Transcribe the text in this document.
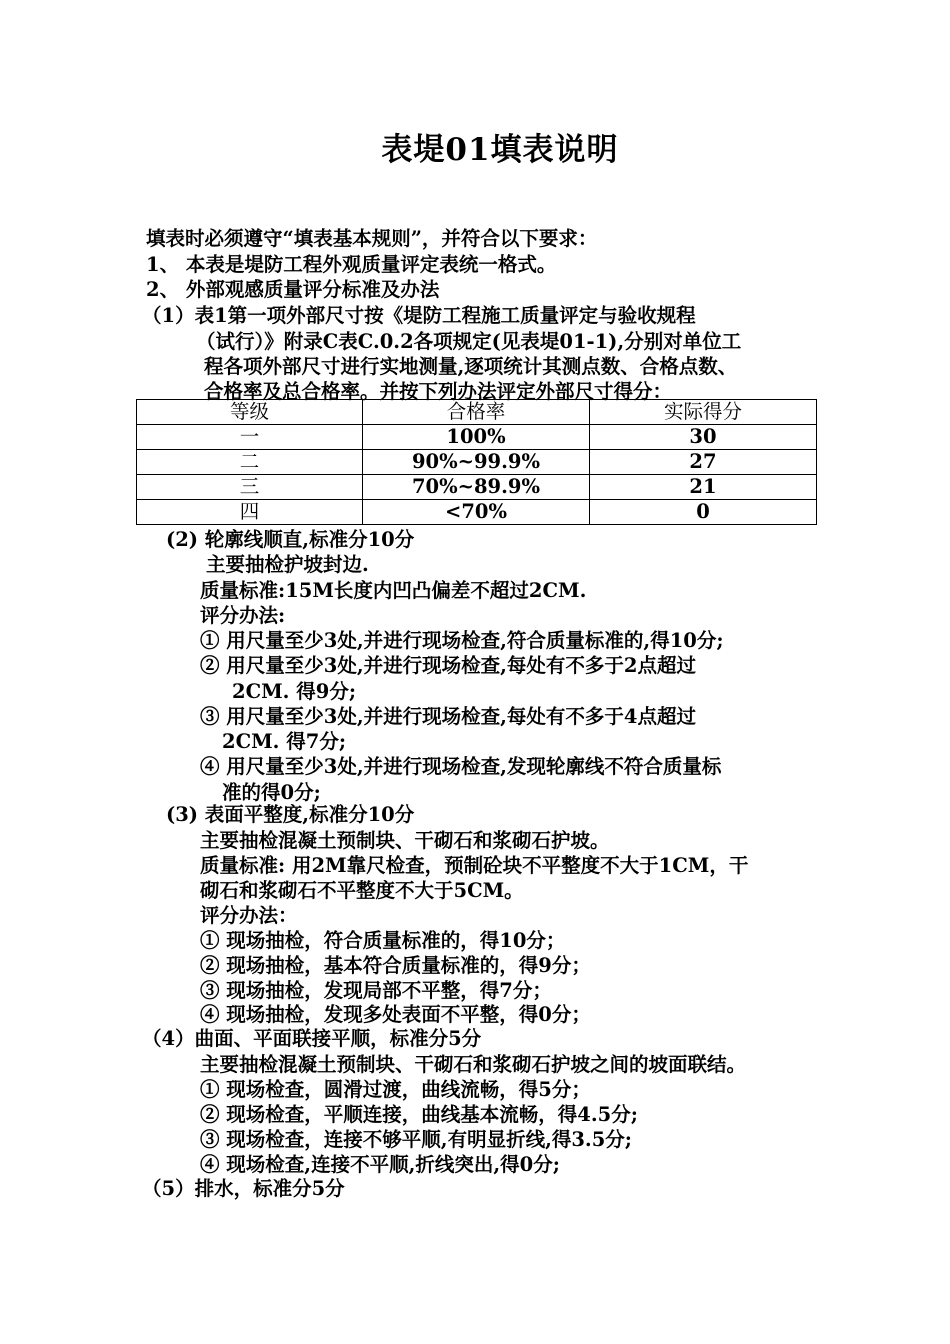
表堤01填表说明
填表时必须遵守“填表基本规则”，并符合以下要求：
1、 本表是堤防工程外观质量评定表统一格式。
2、 外部观感质量评分标准及办法
（1）表1第一项外部尺寸按《堤防工程施工质量评定与验收规程
（试行）》附录C表C.0.2各项规定(见表堤01-1),分别对单位工
程各项外部尺寸进行实地测量,逐项统计其测点数、合格点数、
合格率及总合格率。并按下列办法评定外部尺寸得分：
等级	合格率	实际得分
一	100%	30
二	90%~99.9%	27
三	70%~89.9%	21
四	<70%	0
(2) 轮廓线顺直,标准分10分
主要抽检护坡封边.
质量标准:15M长度内凹凸偏差不超过2CM.
评分办法:
① 用尺量至少3处,并进行现场检查,符合质量标准的,得10分;
② 用尺量至少3处,并进行现场检查,每处有不多于2点超过
2CM. 得9分;
③ 用尺量至少3处,并进行现场检查,每处有不多于4点超过
2CM. 得7分;
④ 用尺量至少3处,并进行现场检查,发现轮廓线不符合质量标
准的得0分;
(3) 表面平整度,标准分10分
主要抽检混凝土预制块、干砌石和浆砌石护坡。
质量标准: 用2M靠尺检查，预制砼块不平整度不大于1CM，干
砌石和浆砌石不平整度不大于5CM。
评分办法：
① 现场抽检，符合质量标准的，得10分；
② 现场抽检，基本符合质量标准的，得9分；
③ 现场抽检，发现局部不平整，得7分；
④ 现场抽检，发现多处表面不平整，得0分；
（4）曲面、平面联接平顺，标准分5分
主要抽检混凝土预制块、干砌石和浆砌石护坡之间的坡面联结。
① 现场检查，圆滑过渡，曲线流畅，得5分；
② 现场检查，平顺连接，曲线基本流畅，得4.5分;
③ 现场检查，连接不够平顺,有明显折线,得3.5分;
④ 现场检查,连接不平顺,折线突出,得0分;
（5）排水，标准分5分
